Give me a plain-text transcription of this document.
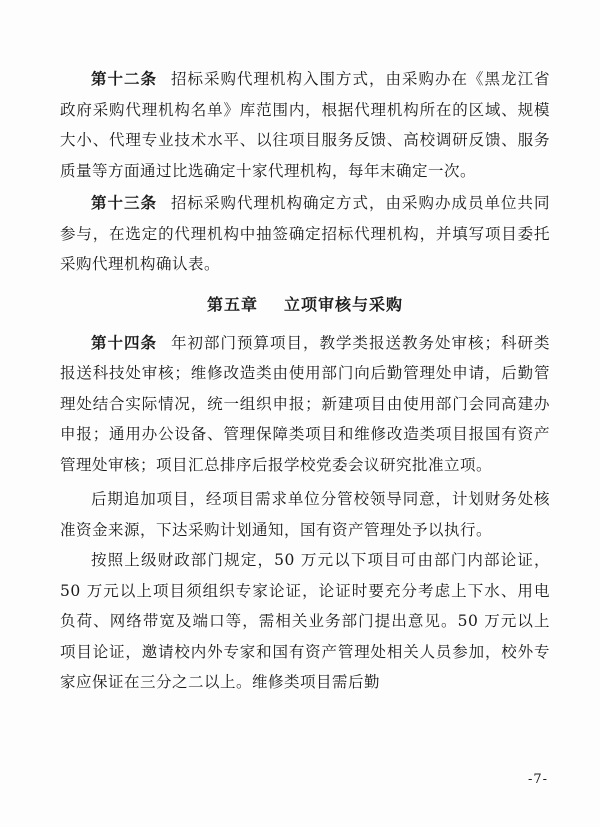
第十二条 招标采购代理机构入围方式，由采购办在《黑龙江省政府采购代理机构名单》库范围内，根据代理机构所在的区域、规模大小、代理专业技术水平、以往项目服务反馈、高校调研反馈、服务质量等方面通过比选确定十家代理机构，每年末确定一次。

第十三条 招标采购代理机构确定方式，由采购办成员单位共同参与，在选定的代理机构中抽签确定招标代理机构，并填写项目委托采购代理机构确认表。

第五章 立项审核与采购

第十四条 年初部门预算项目，教学类报送教务处审核；科研类报送科技处审核；维修改造类由使用部门向后勤管理处申请，后勤管理处结合实际情况，统一组织申报；新建项目由使用部门会同高建办申报；通用办公设备、管理保障类项目和维修改造类项目报国有资产管理处审核；项目汇总排序后报学校党委会议研究批准立项。

后期追加项目，经项目需求单位分管校领导同意，计划财务处核准资金来源，下达采购计划通知，国有资产管理处予以执行。

按照上级财政部门规定，50 万元以下项目可由部门内部论证，50 万元以上项目须组织专家论证，论证时要充分考虑上下水、用电负荷、网络带宽及端口等，需相关业务部门提出意见。50 万元以上项目论证，邀请校内外专家和国有资产管理处相关人员参加，校外专家应保证在三分之二以上。维修类项目需后勤

-7-
